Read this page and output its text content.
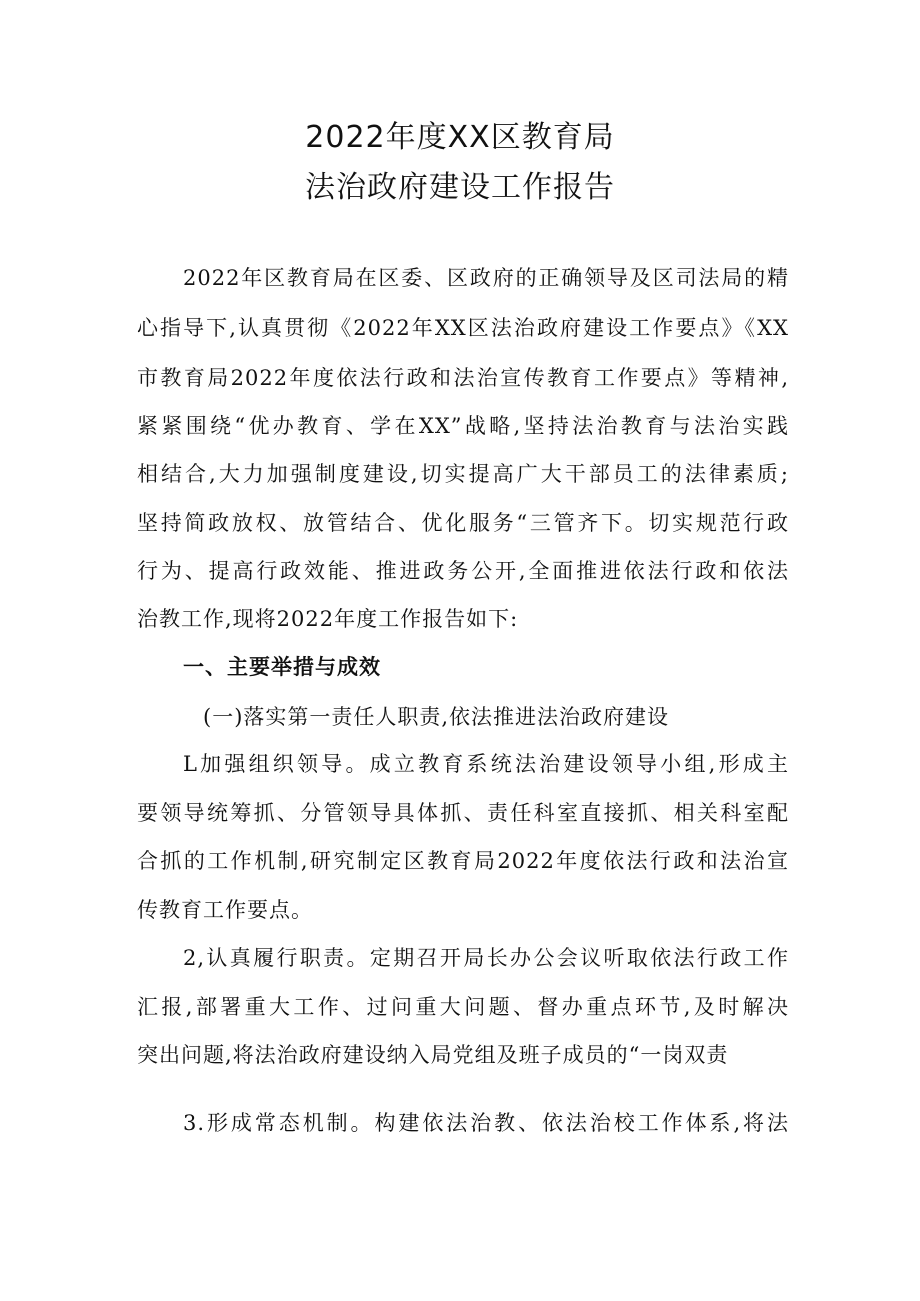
2022年度XX区教育局
法治政府建设工作报告
2022年区教育局在区委、区政府的正确领导及区司法局的精
心指导下,认真贯彻《2022年XX区法治政府建设工作要点》《XX
市教育局2022年度依法行政和法治宣传教育工作要点》等精神,
紧紧围绕“优办教育、学在XX”战略,坚持法治教育与法治实践
相结合,大力加强制度建设,切实提高广大干部员工的法律素质;
坚持简政放权、放管结合、优化服务“三管齐下。切实规范行政
行为、提高行政效能、推进政务公开,全面推进依法行政和依法
治教工作,现将2022年度工作报告如下:
一、主要举措与成效
(一)落实第一责任人职责,依法推进法治政府建设
L加强组织领导。成立教育系统法治建设领导小组,形成主
要领导统筹抓、分管领导具体抓、责任科室直接抓、相关科室配
合抓的工作机制,研究制定区教育局2022年度依法行政和法治宣
传教育工作要点。
2,认真履行职责。定期召开局长办公会议听取依法行政工作
汇报,部署重大工作、过问重大问题、督办重点环节,及时解决
突出问题,将法治政府建设纳入局党组及班子成员的“一岗双责
3.形成常态机制。构建依法治教、依法治校工作体系,将法
